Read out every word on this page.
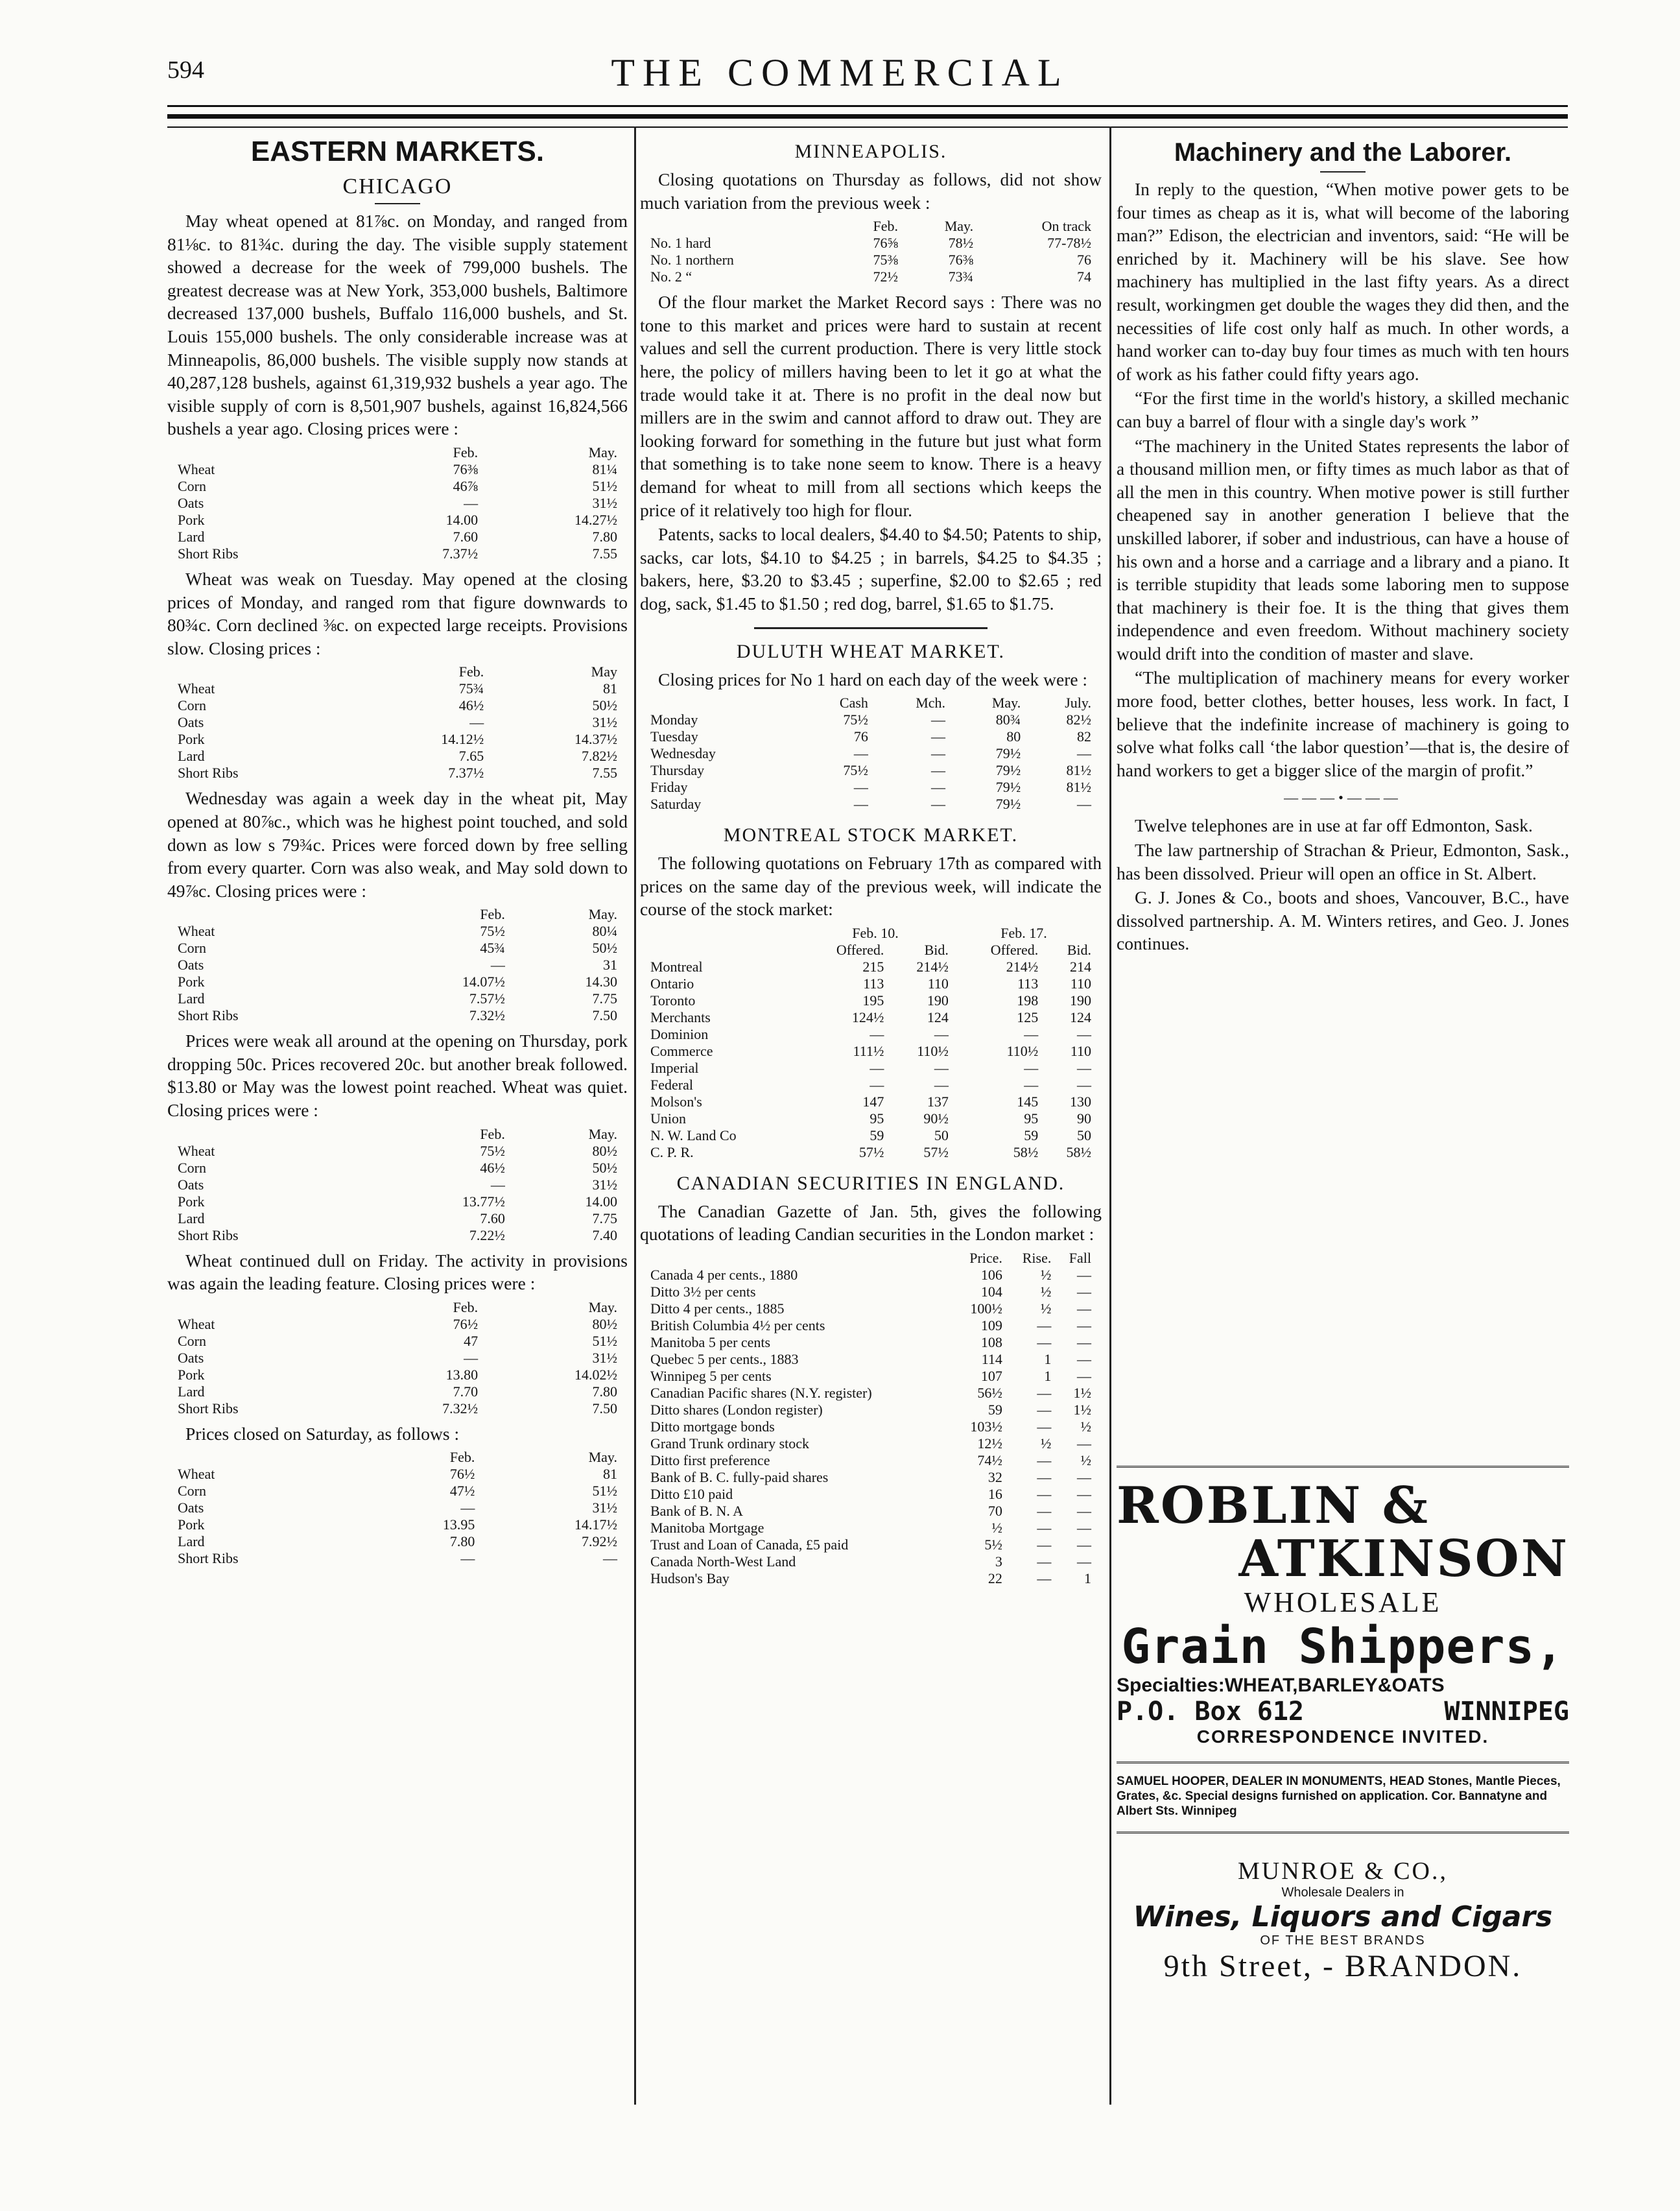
594	THE COMMERCIAL
EASTERN MARKETS.
CHICAGO

May wheat opened at 81⅞c. on Monday, and ranged from 81⅛c. to 81¾c. during the day. The visible supply statement showed a decrease for the week of 799,000 bushels. The greatest decrease was at New York, 353,000 bushels, Baltimore decreased 137,000 bushels, Buffalo 116,000 bushels, and St. Louis 155,000 bushels. The only considerable increase was at Minneapolis, 86,000 bushels. The visible supply now stands at 40,287,128 bushels, against 61,319,932 bushels a year ago. The visible supply of corn is 8,501,907 bushels, against 16,824,566 bushels a year ago. Closing prices were :

	Feb.	May.
Wheat	76⅜	81¼
Corn	46⅞	51½
Oats	—	31½
Pork	14.00	14.27½
Lard	7.60	7.80
Short Ribs	7.37½	7.55

Wheat was weak on Tuesday. May opened at the closing prices of Monday, and ranged rom that figure downwards to 80¾c. Corn declined ⅜c. on expected large receipts. Provisions slow. Closing prices :

	Feb.	May
Wheat	75¾	81
Corn	46½	50½
Oats	—	31½
Pork	14.12½	14.37½
Lard	7.65	7.82½
Short Ribs	7.37½	7.55

Wednesday was again a week day in the wheat pit, May opened at 80⅞c., which was he highest point touched, and sold down as low s 79¾c. Prices were forced down by free selling from every quarter. Corn was also weak, and May sold down to 49⅞c. Closing prices were :

	Feb.	May.
Wheat	75½	80¼
Corn	45¾	50½
Oats	—	31
Pork	14.07½	14.30
Lard	7.57½	7.75
Short Ribs	7.32½	7.50

Prices were weak all around at the opening on Thursday, pork dropping 50c. Prices recovered 20c. but another break followed. $13.80 or May was the lowest point reached. Wheat was quiet. Closing prices were :

	Feb.	May.
Wheat	75½	80½
Corn	46½	50½
Oats	—	31½
Pork	13.77½	14.00
Lard	7.60	7.75
Short Ribs	7.22½	7.40

Wheat continued dull on Friday. The activity in provisions was again the leading feature. Closing prices were :

	Feb.	May.
Wheat	76½	80½
Corn	47	51½
Oats	—	31½
Pork	13.80	14.02½
Lard	7.70	7.80
Short Ribs	7.32½	7.50

Prices closed on Saturday, as follows :

	Feb.	May.
Wheat	76½	81
Corn	47½	51½
Oats	—	31½
Pork	13.95	14.17½
Lard	7.80	7.92½
Short Ribs	—	—
MINNEAPOLIS.

Closing quotations on Thursday as follows, did not show much variation from the previous week :

	Feb.	May.	On track
No. 1 hard	76⅝	78½	77-78½
No. 1 northern	75⅜	76⅜	76
No. 2 “	72½	73¾	74

Of the flour market the Market Record says : There was no tone to this market and prices were hard to sustain at recent values and sell the current production. There is very little stock here, the policy of millers having been to let it go at what the trade would take it at. There is no profit in the deal now but millers are in the swim and cannot afford to draw out. They are looking forward for something in the future but just what form that something is to take none seem to know. There is a heavy demand for wheat to mill from all sections which keeps the price of it relatively too high for flour.

Patents, sacks to local dealers, $4.40 to $4.50; Patents to ship, sacks, car lots, $4.10 to $4.25 ; in barrels, $4.25 to $4.35 ; bakers, here, $3.20 to $3.45 ; superfine, $2.00 to $2.65 ; red dog, sack, $1.45 to $1.50 ; red dog, barrel, $1.65 to $1.75.

DULUTH WHEAT MARKET.

Closing prices for No 1 hard on each day of the week were :

	Cash	Mch.	May.	July.
Monday	75½	—	80¾	82½
Tuesday	76	—	80	82
Wednesday	—	—	79½	—
Thursday	75½	—	79½	81½
Friday	—	—	79½	81½
Saturday	—	—	79½	—
MONTREAL STOCK MARKET.

The following quotations on February 17th as compared with prices on the same day of the previous week, will indicate the course of the stock market:

	Feb. 10.		Feb. 17.	
	Offered.	Bid.	Offered.	Bid.
Montreal	215	214½	214½	214
Ontario	113	110	113	110
Toronto	195	190	198	190
Merchants	124½	124	125	124
Dominion	—	—	—	—
Commerce	111½	110½	110½	110
Imperial	—	—	—	—
Federal	—	—	—	—
Molson's	147	137	145	130
Union	95	90½	95	90
N. W. Land Co	59	50	59	50
C. P. R.	57½	57½	58½	58½
CANADIAN SECURITIES IN ENGLAND.

The Canadian Gazette of Jan. 5th, gives the following quotations of leading Candian securities in the London market :

	Price.	Rise.	Fall
Canada 4 per cents., 1880	106	½	—
Ditto 3½ per cents	104	½	—
Ditto 4 per cents., 1885	100½	½	—
British Columbia 4½ per cents	109	—	—
Manitoba 5 per cents	108	—	—
Quebec 5 per cents., 1883	114	1	—
Winnipeg 5 per cents	107	1	—
Canadian Pacific shares (N.Y. register)	56½	—	1½
Ditto shares (London register)	59	—	1½
Ditto mortgage bonds	103½	—	½
Grand Trunk ordinary stock	12½	½	—
Ditto first preference	74½	—	½
Bank of B. C. fully-paid shares	32	—	—
Ditto £10 paid	16	—	—
Bank of B. N. A	70	—	—
Manitoba Mortgage	½	—	—
Trust and Loan of Canada, £5 paid	5½	—	—
Canada North-West Land	3	—	—
Hudson's Bay	22	—	1
Machinery and the Laborer.

In reply to the question, “When motive power gets to be four times as cheap as it is, what will become of the laboring man?” Edison, the electrician and inventors, said: “He will be enriched by it. Machinery will be his slave. See how machinery has multiplied in the last fifty years. As a direct result, workingmen get double the wages they did then, and the necessities of life cost only half as much. In other words, a hand worker can to-day buy four times as much with ten hours of work as his father could fifty years ago.

“For the first time in the world's history, a skilled mechanic can buy a barrel of flour with a single day's work ”

“The machinery in the United States represents the labor of a thousand million men, or fifty times as much labor as that of all the men in this country. When motive power is still further cheapened say in another generation I believe that the unskilled laborer, if sober and industrious, can have a house of his own and a horse and a carriage and a library and a piano. It is terrible stupidity that leads some laboring men to suppose that machinery is their foe. It is the thing that gives them independence and even freedom. Without machinery society would drift into the condition of master and slave.

“The multiplication of machinery means for every worker more food, better clothes, better houses, less work. In fact, I believe that the indefinite increase of machinery is going to solve what folks call ‘the labor question’—that is, the desire of hand workers to get a bigger slice of the margin of profit.”

———•———

Twelve telephones are in use at far off Edmonton, Sask.

The law partnership of Strachan & Prieur, Edmonton, Sask., has been dissolved. Prieur will open an office in St. Albert.

G. J. Jones & Co., boots and shoes, Vancouver, B.C., have dissolved partnership. A. M. Winters retires, and Geo. J. Jones continues.

ROBLIN &
ATKINSON
WHOLESALE
Grain Shippers,
Specialties:WHEAT,BARLEY&OATS
P.O. Box 612	WINNIPEG
CORRESPONDENCE INVITED.
SAMUEL HOOPER, DEALER IN MONUMENTS, HEAD Stones, Mantle Pieces, Grates, &c. Special designs furnished on application. Cor. Bannatyne and Albert Sts. Winnipeg
MUNROE & CO.,
Wholesale Dealers in
Wines, Liquors and Cigars
OF THE BEST BRANDS
9th Street, - BRANDON.
